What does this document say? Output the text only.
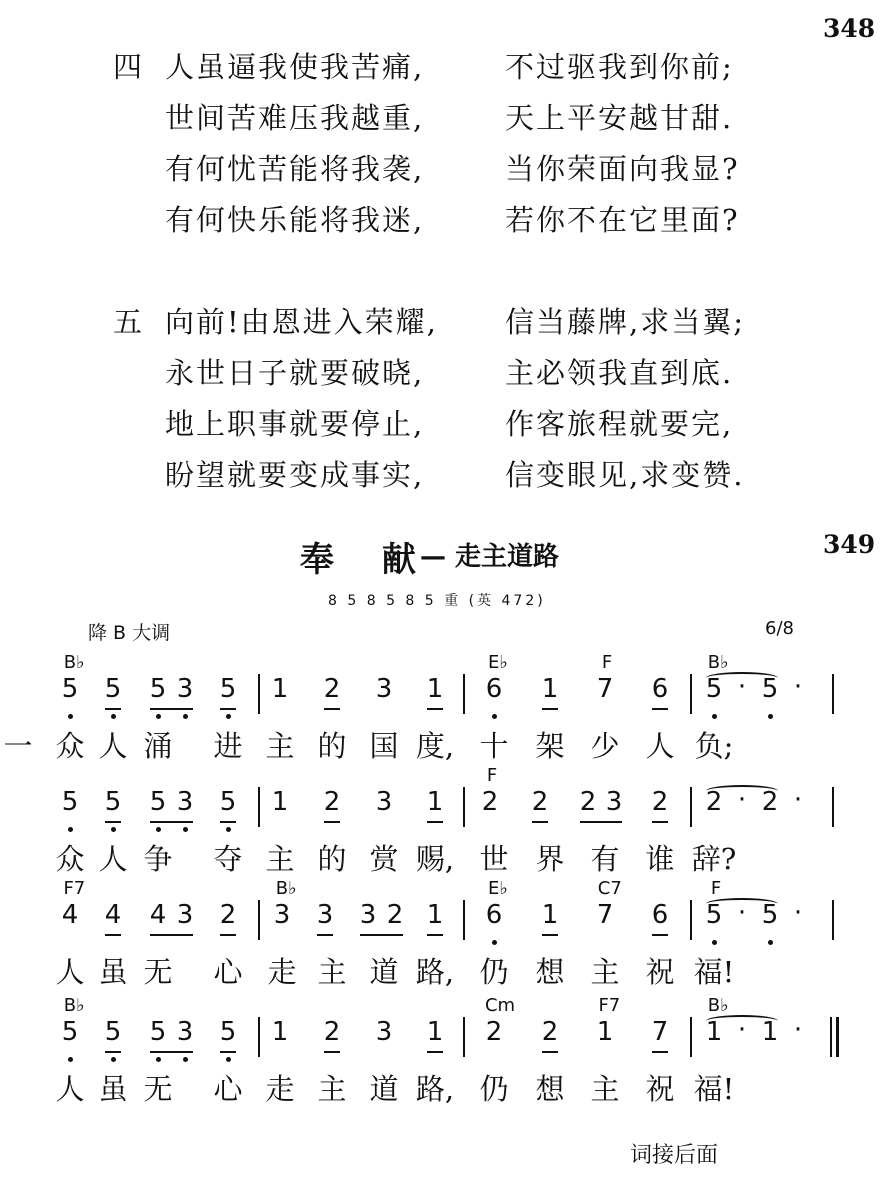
348
四 人虽逼我使我苦痛,	不过驱我到你前;
世间苦难压我越重,	天上平安越甘甜.
有何忧苦能将我袭,	当你荣面向我显?
有何快乐能将我迷,	若你不在它里面?
五 向前!由恩进入荣耀, 信当藤牌,求当翼;
永世日子就要破晓,	主必领我直到底.
地上职事就要停止,	作客旅程就要完,
盼望就要变成事实,	信变眼见,求变赞.
奉 献
— 走主道路	349
8 5 8 5 8 5 重 (英 472)
降 B 大调	6/8
B♭	E♭	F	B♭
5 5 5 3 5 1 2 3 1 6 1 7 6 5 · 5 ·
一 众 人 涌 进 主 的 国 度, 十 架 少 人 负;
F
5 5 5 3 5 1 2 3 1 2 2 2 3 2 2 · 2 ·
众 人 争 夺 主 的 赏 赐, 世 界 有 谁 辞?
F7	B♭	E♭	C7	F
4 4 4 3 2 3 3 3 2 1 6 1 7 6 5 · 5 ·
人 虽 无 心 走 主 道 路, 仍 想 主 祝 福!
B♭	Cm	F7	B♭
5 5 5 3 5 1 2 3 1 2 2 1 7 1 · 1 ·
人 虽 无 心 走 主 道 路, 仍 想 主 祝 福!
词接后面
